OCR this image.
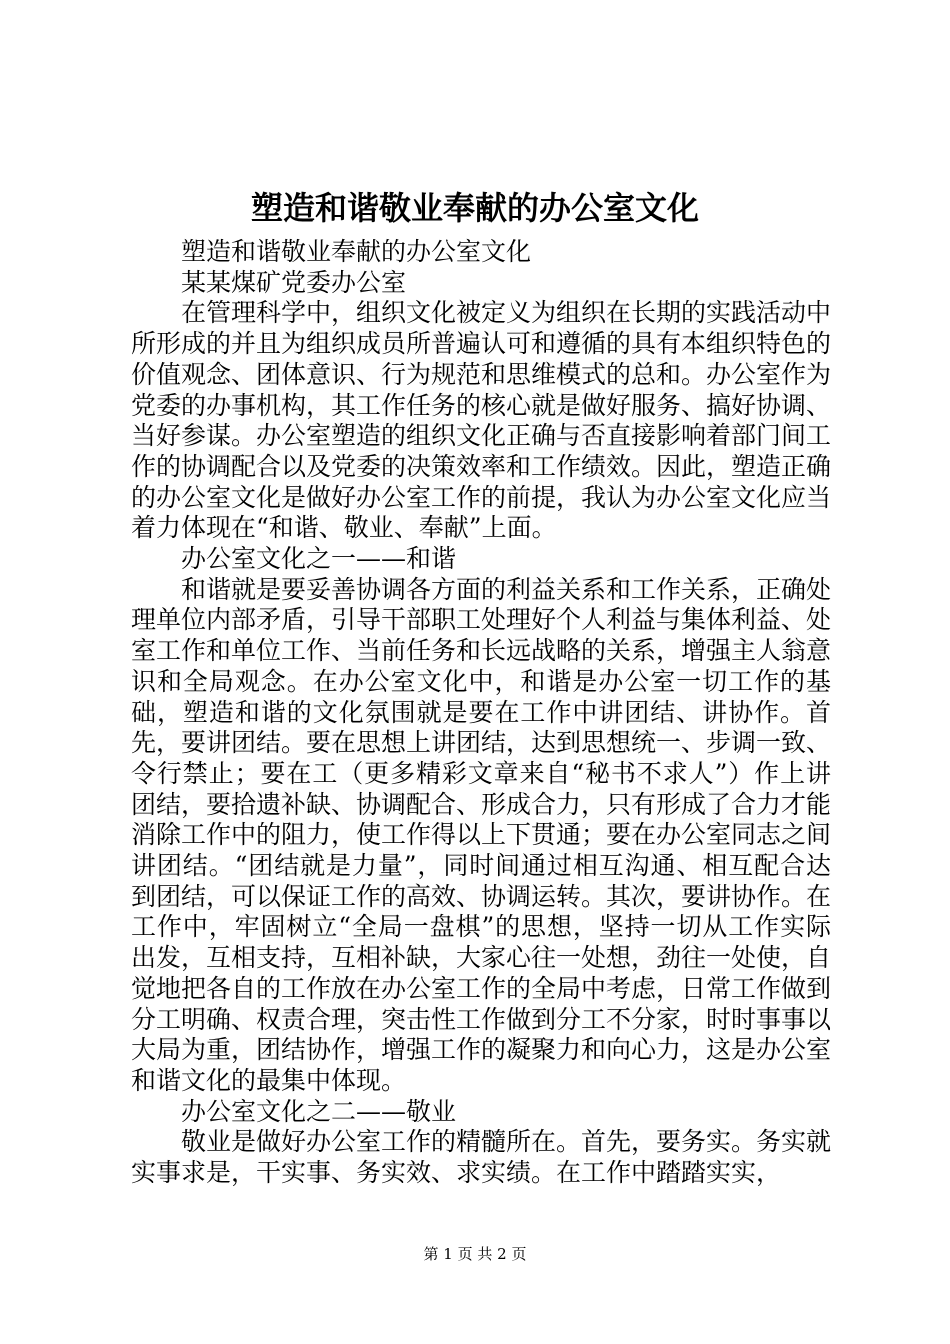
塑造和谐敬业奉献的办公室文化

塑造和谐敬业奉献的办公室文化

某某煤矿党委办公室

在管理科学中，组织文化被定义为组织在长期的实践活动中所形成的并且为组织成员所普遍认可和遵循的具有本组织特色的价值观念、团体意识、行为规范和思维模式的总和。办公室作为党委的办事机构，其工作任务的核心就是做好服务、搞好协调、当好参谋。办公室塑造的组织文化正确与否直接影响着部门间工作的协调配合以及党委的决策效率和工作绩效。因此，塑造正确的办公室文化是做好办公室工作的前提，我认为办公室文化应当着力体现在“和谐、敬业、奉献”上面。

办公室文化之一——和谐

和谐就是要妥善协调各方面的利益关系和工作关系，正确处理单位内部矛盾，引导干部职工处理好个人利益与集体利益、处室工作和单位工作、当前任务和长远战略的关系，增强主人翁意识和全局观念。在办公室文化中，和谐是办公室一切工作的基础，塑造和谐的文化氛围就是要在工作中讲团结、讲协作。首先，要讲团结。要在思想上讲团结，达到思想统一、步调一致、令行禁止；要在工（更多精彩文章来自“秘书不求人”）作上讲团结，要拾遗补缺、协调配合、形成合力，只有形成了合力才能消除工作中的阻力，使工作得以上下贯通；要在办公室同志之间讲团结。“团结就是力量”，同时间通过相互沟通、相互配合达到团结，可以保证工作的高效、协调运转。其次，要讲协作。在工作中，牢固树立“全局一盘棋”的思想，坚持一切从工作实际出发，互相支持，互相补缺，大家心往一处想，劲往一处使，自觉地把各自的工作放在办公室工作的全局中考虑，日常工作做到分工明确、权责合理，突击性工作做到分工不分家，时时事事以大局为重，团结协作，增强工作的凝聚力和向心力，这是办公室和谐文化的最集中体现。

办公室文化之二——敬业

敬业是做好办公室工作的精髓所在。首先，要务实。务实就实事求是，干实事、务实效、求实绩。在工作中踏踏实实，

第 1 页 共 2 页
